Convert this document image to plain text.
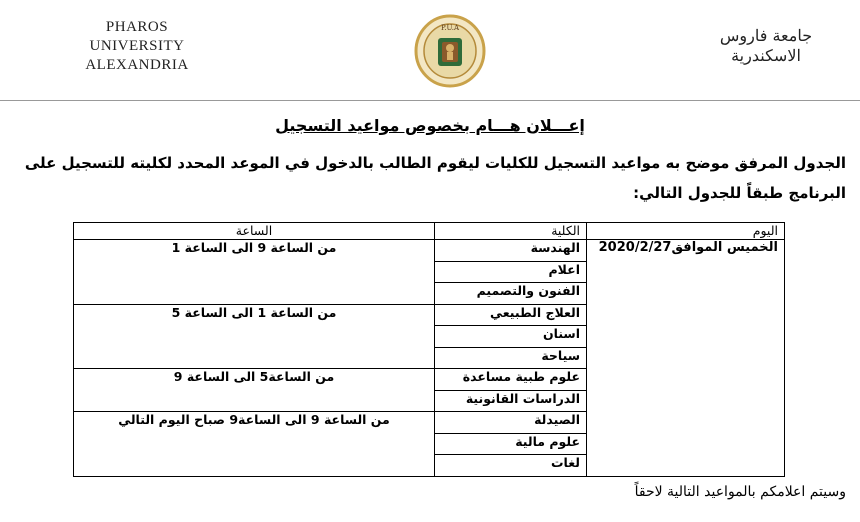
PHAROS
UNIVERSITY
ALEXANDRIA
P.U.A	جامعة فاروس
الاسكندرية
إعـــلان هـــام بخصوص مواعيد التسجيل

الجدول المرفق موضح به مواعيد التسجيل للكليات ليقوم الطالب بالدخول في الموعد المحدد لكليته للتسجيل على البرنامج طبقاً للجدول التالي:

اليوم	الكلية	الساعة
الخميس الموافق2020/2/27	الهندسة	من الساعة 9 الى الساعة 1
	اعلام	
	الفنون والتصميم	
	العلاج الطبيعي	من الساعة 1 الى الساعة 5
	اسنان	
	سياحة	
	علوم طبية مساعدة	من الساعة5 الى الساعة 9
	الدراسات القانونية	
	الصيدلة	من الساعة 9 الى الساعة9 صباح اليوم التالي
	علوم مالية	
	لغات	
وسيتم اعلامكم بالمواعيد التالية لاحقاً
